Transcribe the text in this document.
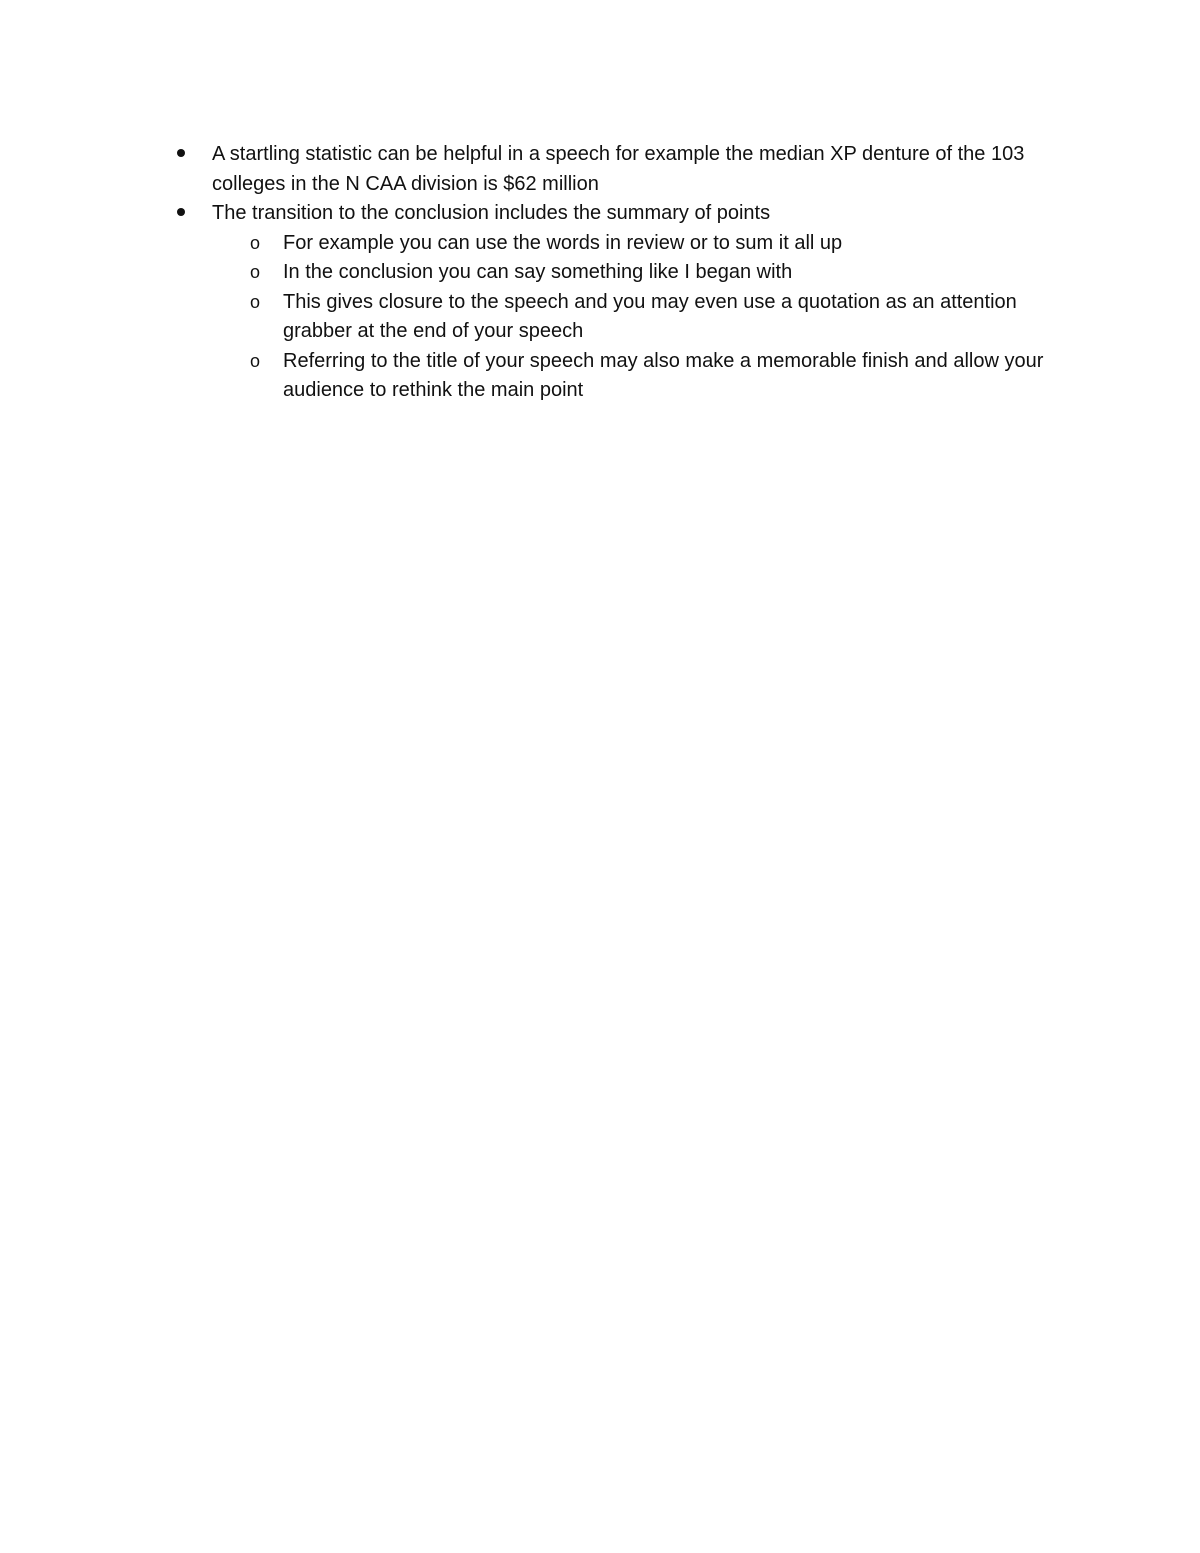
A startling statistic can be helpful in a speech for example the median XP denture of the 103 colleges in the N CAA division is $62 million
The transition to the conclusion includes the summary of points
o For example you can use the words in review or to sum it all up
o In the conclusion you can say something like I began with
o This gives closure to the speech and you may even use a quotation as an attention grabber at the end of your speech
o Referring to the title of your speech may also make a memorable finish and allow your audience to rethink the main point
